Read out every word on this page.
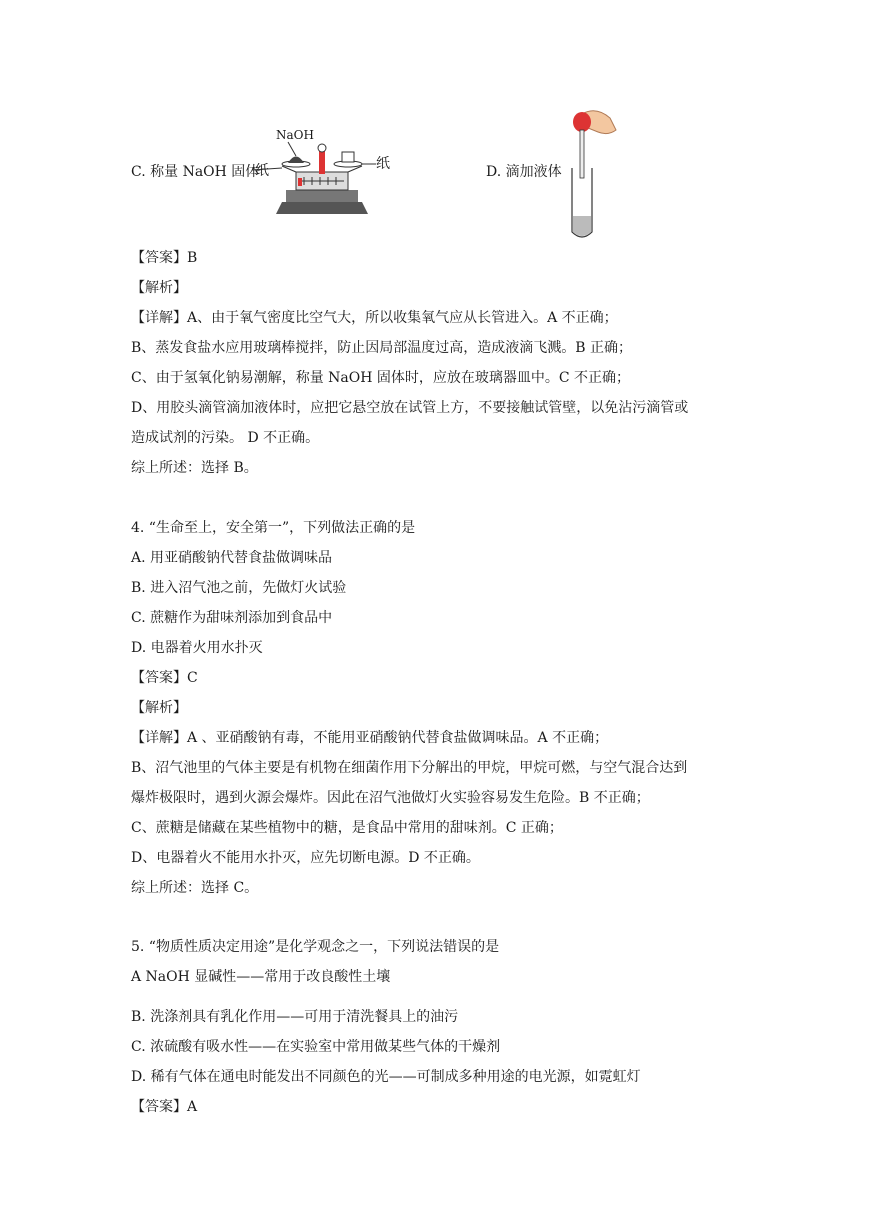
C. 称量 NaOH 固体
NaOH
纸	纸	D. 滴加液体
【答案】B
【解析】
【详解】A、由于氧气密度比空气大，所以收集氧气应从长管进入。A 不正确；
B、蒸发食盐水应用玻璃棒搅拌，防止因局部温度过高，造成液滴飞溅。B 正确；
C、由于氢氧化钠易潮解，称量 NaOH 固体时，应放在玻璃器皿中。C 不正确；
D、用胶头滴管滴加液体时，应把它悬空放在试管上方，不要接触试管壁，以免沾污滴管或
造成试剂的污染。 D 不正确。
综上所述：选择 B。
4. “生命至上，安全第一”，下列做法正确的是
A. 用亚硝酸钠代替食盐做调味品
B. 进入沼气池之前，先做灯火试验
C. 蔗糖作为甜味剂添加到食品中
D. 电器着火用水扑灭
【答案】C
【解析】
【详解】A 、亚硝酸钠有毒，不能用亚硝酸钠代替食盐做调味品。A 不正确；
B、沼气池里的气体主要是有机物在细菌作用下分解出的甲烷，甲烷可燃，与空气混合达到
爆炸极限时，遇到火源会爆炸。因此在沼气池做灯火实验容易发生危险。B 不正确；
C、蔗糖是储藏在某些植物中的糖，是食品中常用的甜味剂。C 正确；
D、电器着火不能用水扑灭，应先切断电源。D 不正确。
综上所述：选择 C。
5. “物质性质决定用途”是化学观念之一，下列说法错误的是
A NaOH 显碱性——常用于改良酸性土壤
B. 洗涤剂具有乳化作用——可用于清洗餐具上的油污
C. 浓硫酸有吸水性——在实验室中常用做某些气体的干燥剂
D. 稀有气体在通电时能发出不同颜色的光——可制成多种用途的电光源，如霓虹灯
【答案】A
